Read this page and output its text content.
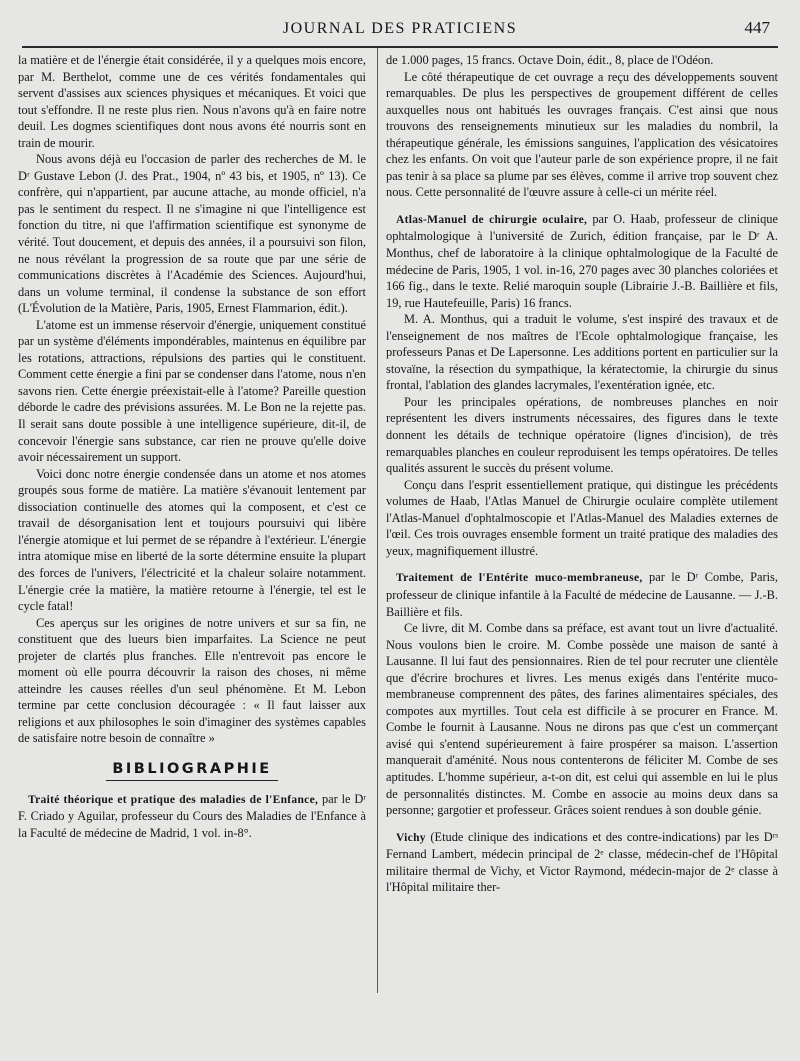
JOURNAL DES PRATICIENS	447

la matière et de l'énergie était considérée, il y a quelques mois encore, par M. Berthelot, comme une de ces vérités fondamentales qui servent d'assises aux sciences physiques et mécaniques. Et voici que tout s'effondre. Il ne reste plus rien. Nous n'avons qu'à en faire notre deuil. Les dogmes scientifiques dont nous avons été nourris sont en train de mourir.

Nous avons déjà eu l'occasion de parler des recherches de M. le Dʳ Gustave Lebon (J. des Prat., 1904, nº 43 bis, et 1905, nº 13). Ce confrère, qui n'appartient, par aucune attache, au monde officiel, n'a pas le sentiment du respect. Il ne s'imagine ni que l'intelligence est fonction du titre, ni que l'affirmation scientifique est synonyme de vérité. Tout doucement, et depuis des années, il a poursuivi son filon, ne nous révélant la progression de sa route que par une série de communications discrètes à l'Académie des Sciences. Aujourd'hui, dans un volume terminal, il condense la substance de son effort (L'Évolution de la Matière, Paris, 1905, Ernest Flammarion, édit.).

L'atome est un immense réservoir d'énergie, uniquement constitué par un système d'éléments impondérables, maintenus en équilibre par les rotations, attractions, répulsions des parties qui le constituent. Comment cette énergie a fini par se condenser dans l'atome, nous n'en savons rien. Cette énergie préexistait-elle à l'atome? Pareille question déborde le cadre des prévisions assurées. M. Le Bon ne la rejette pas. Il serait sans doute possible à une intelligence supérieure, dit-il, de concevoir l'énergie sans substance, car rien ne prouve qu'elle doive avoir nécessairement un support.

Voici donc notre énergie condensée dans un atome et nos atomes groupés sous forme de matière. La matière s'évanouit lentement par dissociation continuelle des atomes qui la composent, et c'est ce travail de désorganisation lent et toujours poursuivi qui libère l'énergie atomique et lui permet de se répandre à l'extérieur. L'énergie intra atomique mise en liberté de la sorte détermine ensuite la plupart des forces de l'univers, l'électricité et la chaleur solaire notamment. L'énergie crée la matière, la matière retourne à l'énergie, tel est le cycle fatal!

Ces aperçus sur les origines de notre univers et sur sa fin, ne constituent que des lueurs bien imparfaites. La Science ne peut projeter de clartés plus franches. Elle n'entrevoit pas encore le moment où elle pourra découvrir la raison des choses, ni même atteindre les causes réelles d'un seul phénomène. Et M. Lebon termine par cette conclusion découragée : « Il faut laisser aux religions et aux philosophes le soin d'imaginer des systèmes capables de satisfaire notre besoin de connaître »

BIBLIOGRAPHIE

Traité théorique et pratique des maladies de l'Enfance, par le Dʳ F. Criado y Aguilar, professeur du Cours des Maladies de l'Enfance à la Faculté de médecine de Madrid, 1 vol. in-8°.

de 1.000 pages, 15 francs. Octave Doin, édit., 8, place de l'Odéon.

Le côté thérapeutique de cet ouvrage a reçu des développements souvent remarquables. De plus les perspectives de groupement différent de celles auxquelles nous ont habitués les ouvrages français. C'est ainsi que nous trouvons des renseignements minutieux sur les maladies du nombril, la thérapeutique générale, les émissions sanguines, l'application des vésicatoires chez les enfants. On voit que l'auteur parle de son expérience propre, il ne fait pas tenir à sa place sa plume par ses élèves, comme il arrive trop souvent chez nous. Cette personnalité de l'œuvre assure à celle-ci un mérite réel.

Atlas-Manuel de chirurgie oculaire, par O. Haab, professeur de clinique ophtalmologique à l'université de Zurich, édition française, par le Dʳ A. Monthus, chef de laboratoire à la clinique ophtalmologique de la Faculté de médecine de Paris, 1905, 1 vol. in-16, 270 pages avec 30 planches coloriées et 166 fig., dans le texte. Relié maroquin souple (Librairie J.-B. Baillière et fils, 19, rue Hautefeuille, Paris) 16 francs.

M. A. Monthus, qui a traduit le volume, s'est inspiré des travaux et de l'enseignement de nos maîtres de l'Ecole ophtalmologique française, les professeurs Panas et De Lapersonne. Les additions portent en particulier sur la stovaïne, la résection du sympathique, la kératectomie, la chirurgie du sinus frontal, l'ablation des glandes lacrymales, l'exentération ignée, etc.

Pour les principales opérations, de nombreuses planches en noir représentent les divers instruments nécessaires, des figures dans le texte donnent les détails de technique opératoire (lignes d'incision), de très remarquables planches en couleur reproduisent les temps opératoires. De telles qualités assurent le succès du présent volume.

Conçu dans l'esprit essentiellement pratique, qui distingue les précédents volumes de Haab, l'Atlas Manuel de Chirurgie oculaire complète utilement l'Atlas-Manuel d'ophtalmoscopie et l'Atlas-Manuel des Maladies externes de l'œil. Ces trois ouvrages ensemble forment un traité pratique des maladies des yeux, magnifiquement illustré.

Traitement de l'Entérite muco-membraneuse, par le Dʳ Combe, Paris, professeur de clinique infantile à la Faculté de médecine de Lausanne. — J.-B. Baillière et fils.

Ce livre, dit M. Combe dans sa préface, est avant tout un livre d'actualité. Nous voulons bien le croire. M. Combe possède une maison de santé à Lausanne. Il lui faut des pensionnaires. Rien de tel pour recruter une clientèle que d'écrire brochures et livres. Les menus exigés dans l'entérite muco-membraneuse comprennent des pâtes, des farines alimentaires spéciales, des compotes aux myrtilles. Tout cela est difficile à se procurer en France. M. Combe le fournit à Lausanne. Nous ne dirons pas que c'est un commerçant avisé qui s'entend supérieurement à faire prospérer sa maison. L'assertion manquerait d'aménité. Nous nous contenterons de féliciter M. Combe de ses aptitudes. L'homme supérieur, a-t-on dit, est celui qui assemble en lui le plus de personnalités distinctes. M. Combe en associe au moins deux dans sa personne; gargotier et professeur. Grâces soient rendues à son double génie.

Vichy (Etude clinique des indications et des contre-indications) par les Dʳˢ Fernand Lambert, médecin principal de 2ᵉ classe, médecin-chef de l'Hôpital militaire thermal de Vichy, et Victor Raymond, médecin-major de 2ᵉ classe à l'Hôpital militaire ther-
